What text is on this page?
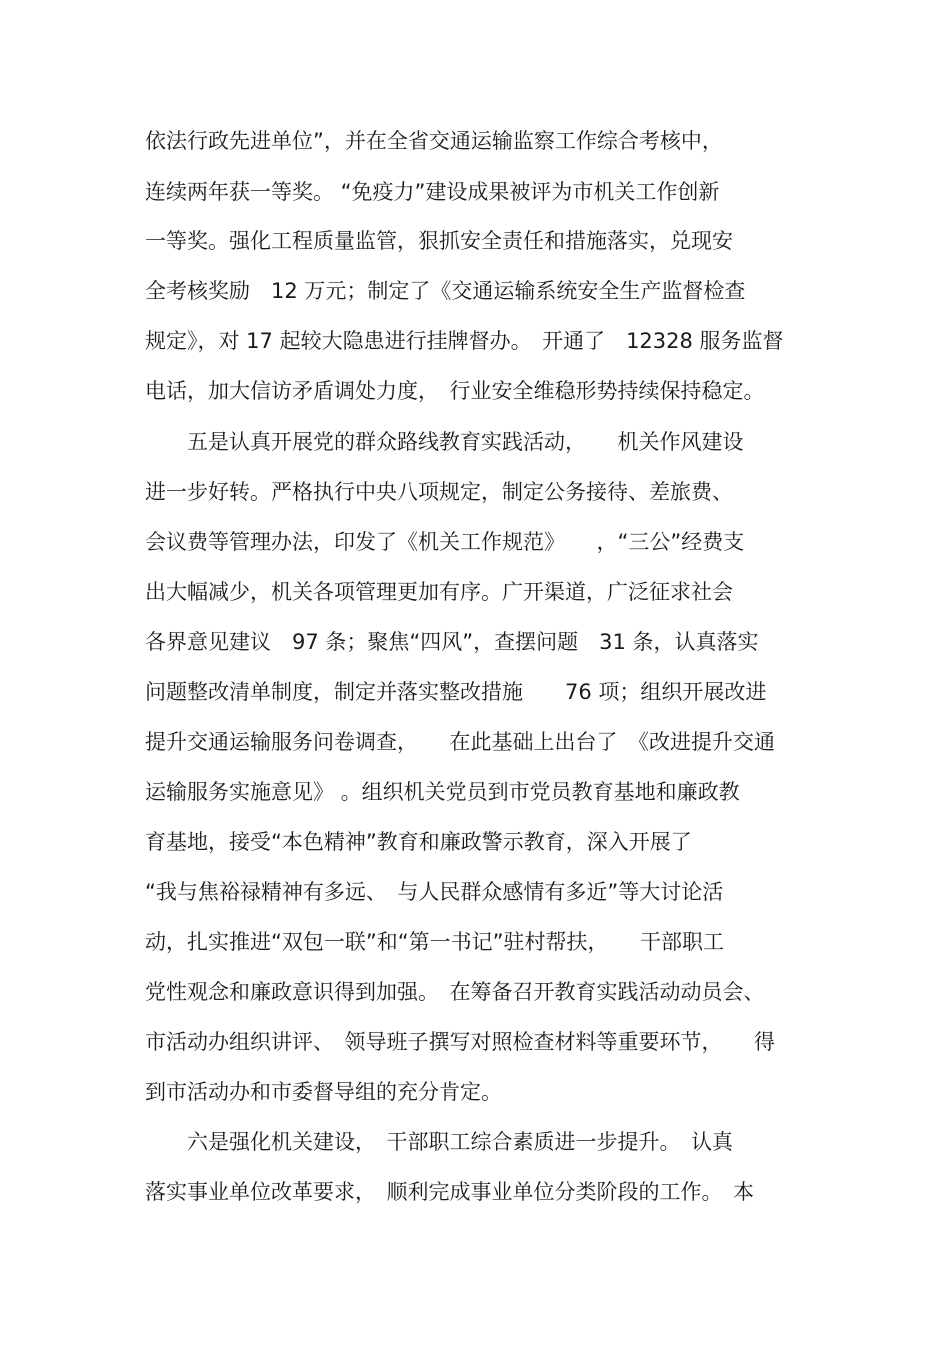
依法行政先进单位”，并在全省交通运输监察工作综合考核中，
连续两年获一等奖。 “免疫力”建设成果被评为市机关工作创新
一等奖。强化工程质量监管，狠抓安全责任和措施落实，兑现安
全考核奖励　12 万元；制定了《交通运输系统安全生产监督检查
规定》，对 17 起较大隐患进行挂牌督办。　开通了　12328 服务监督
电话，加大信访矛盾调处力度，　行业安全维稳形势持续保持稳定。
　　五是认真开展党的群众路线教育实践活动，　　机关作风建设
进一步好转。严格执行中央八项规定，制定公务接待、差旅费、
会议费等管理办法，印发了《机关工作规范》　　，“三公”经费支
出大幅减少，机关各项管理更加有序。广开渠道，广泛征求社会
各界意见建议　97 条；聚焦“四风”，查摆问题　31 条，认真落实
问题整改清单制度，制定并落实整改措施　　76 项；组织开展改进
提升交通运输服务问卷调查，　　在此基础上出台了　《改进提升交通
运输服务实施意见》 。组织机关党员到市党员教育基地和廉政教
育基地，接受“本色精神”教育和廉政警示教育，深入开展了
“我与焦裕禄精神有多远、　与人民群众感情有多近”等大讨论活
动，扎实推进“双包一联”和“第一书记”驻村帮扶，　　干部职工
党性观念和廉政意识得到加强。　在筹备召开教育实践活动动员会、
市活动办组织讲评、　领导班子撰写对照检查材料等重要环节，　　得
到市活动办和市委督导组的充分肯定。
　　六是强化机关建设，　干部职工综合素质进一步提升。　认真
落实事业单位改革要求，　顺利完成事业单位分类阶段的工作。　本
